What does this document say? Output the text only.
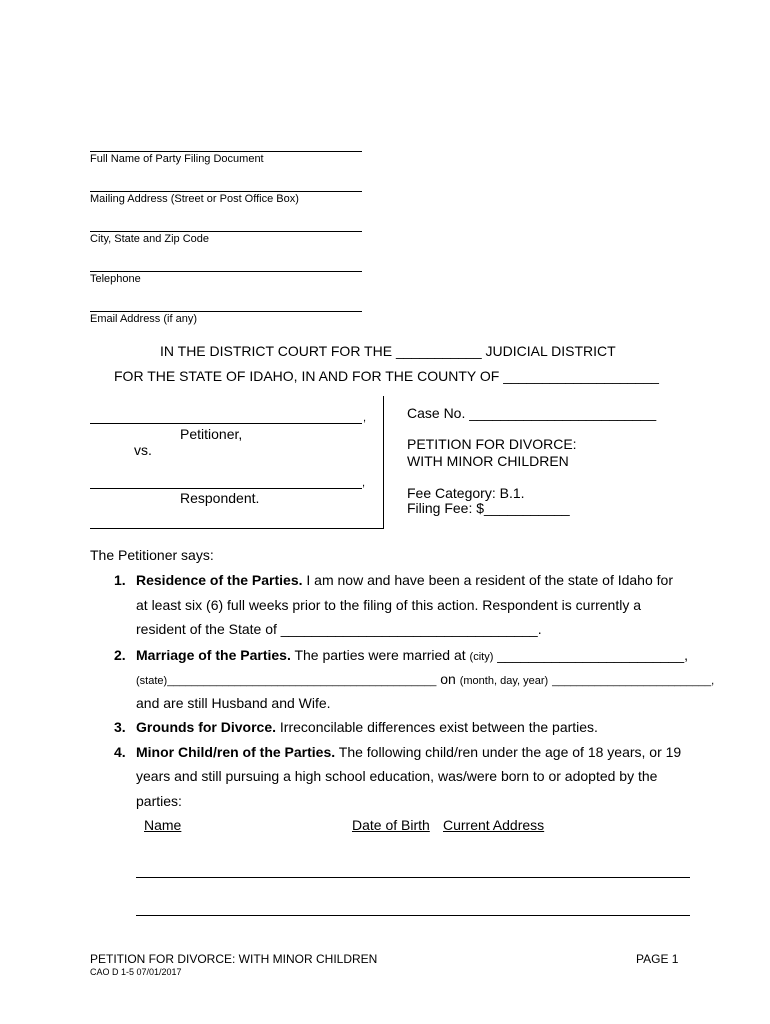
Full Name of Party Filing Document
Mailing Address (Street or Post Office Box)
City, State and Zip Code
Telephone
Email Address (if any)
IN THE DISTRICT COURT FOR THE ___________ JUDICIAL DISTRICT
FOR THE STATE OF IDAHO, IN AND FOR THE COUNTY OF ____________________
,
Petitioner,
vs.
,
Respondent.
Case No. ________________________
PETITION FOR DIVORCE:
WITH MINOR CHILDREN
Fee Category: B.1.
Filing Fee: $___________
The Petitioner says:
1. Residence of the Parties. I am now and have been a resident of the state of Idaho for
at least six (6) full weeks prior to the filing of this action. Respondent is currently a
resident of the State of _________________________________.
2. Marriage of the Parties. The parties were married at (city) ________________________,
(state)____________________________________________ on (month, day, year) __________________________,
and are still Husband and Wife.
3. Grounds for Divorce. Irreconcilable differences exist between the parties.
4. Minor Child/ren of the Parties. The following child/ren under the age of 18 years, or 19
years and still pursuing a high school education, was/were born to or adopted by the
parties:
Name	Date of Birth Current Address
PETITION FOR DIVORCE: WITH MINOR CHILDREN	PAGE 1
CAO D 1-5 07/01/2017
